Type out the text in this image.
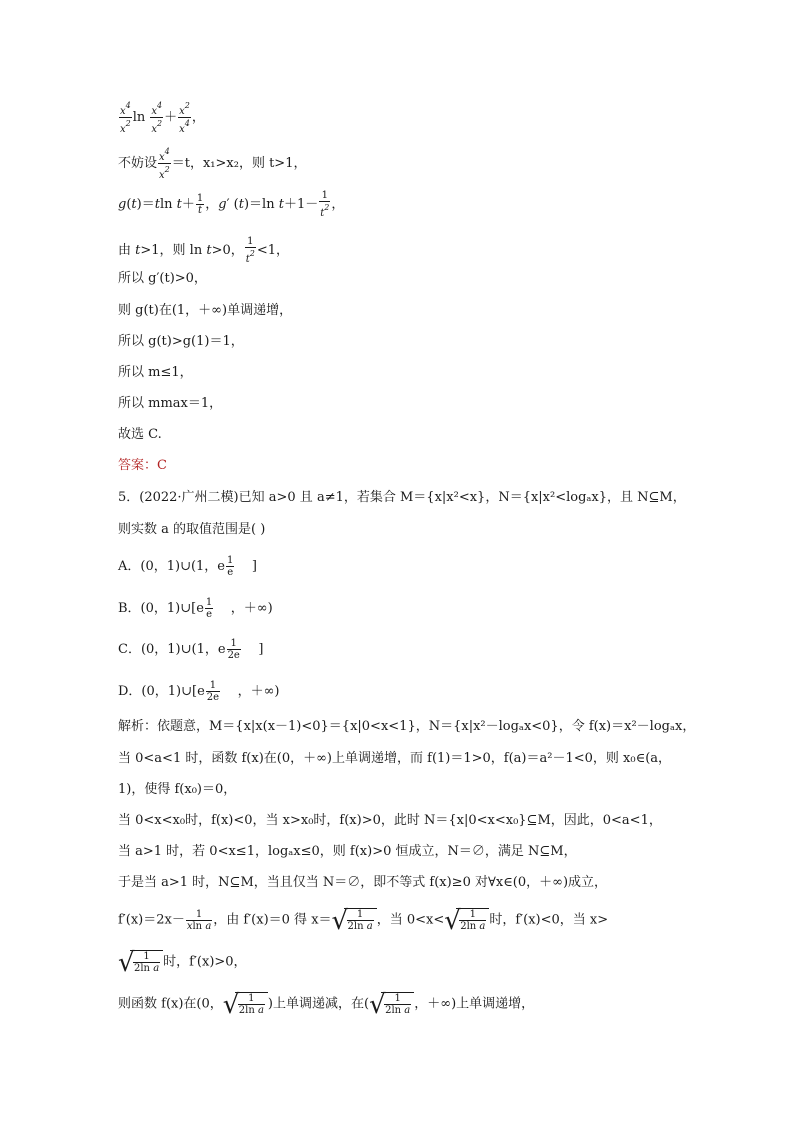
$\frac{x^4}{x^2}$ $\ln \frac{x^4}{x^2} + \frac{x^2}{x^4}$ ，
不妨设 $\frac{x^4}{x^2} =t$，x₁>x₂，则 t>1，
g(t)＝tln $t+ \frac{1}{t}$ ，g′ (t)＝ln $t+1- \frac{1}{t^2}$ ，
由 t>1，则 ln t>0， $\frac{1}{t^2} <1$，
所以 g′(t)>0，
则 g(t)在(1，＋∞)单调递增，
所以 g(t)>g(1)＝1，
所以 m≤1，
所以 mmax＝1，
故选 C.
答案：C
5．(2022·广州二模)已知 a>0 且 a≠1，若集合 M＝{x|x²<x}，N＝{x|x²<logₐx}，且 N⊆M，
则实数 a 的取值范围是( )
A．(0，1)∪(1，e $\frac{1}{e}$ ]
B．(0，1)∪[e $\frac{1}{e}$ ，＋∞)
C．(0，1)∪(1，e $\frac{1}{2e}$ ]
D．(0，1)∪[e $\frac{1}{2e}$ ，＋∞)
解析：依题意，M＝{x|x(x－1)<0}＝{x|0<x<1}，N＝{x|x²－logₐx<0}，令 f(x)＝x²－logₐx，
当 0<a<1 时，函数 f(x)在(0，＋∞)上单调递增，而 f(1)＝1>0，f(a)＝a²－1<0，则 x₀∈(a，
1)，使得 f(x₀)＝0，
当 0<x<x₀时，f(x)<0，当 x>x₀时，f(x)>0，此时 N＝{x|0<x<x₀}⊆M，因此，0<a<1，
当 a>1 时，若 0<x≤1，logₐx≤0，则 f(x)>0 恒成立，N＝∅，满足 N⊆M，
于是当 a>1 时，N⊆M，当且仅当 N＝∅，即不等式 f(x)≥0 对∀x∈(0，＋∞)成立，
$f'(x)=2x- \frac{1}{\text{xln a}}$ ，由 f′(x)＝0 得 x＝ √
$\frac{1}{\text{2ln a}}$ ，当 0<x< √
$\frac{1}{\text{2ln a}}$ 时，f′(x)<0，当 x>
√
$\frac{1}{\text{2ln a}}$ 时，f′(x)>0，
则函数 f(x)在(0， √
$\frac{1}{\text{2ln a}}$ )上单调递减，在( √
$\frac{1}{\text{2ln a}}$ ，＋∞)上单调递增，
